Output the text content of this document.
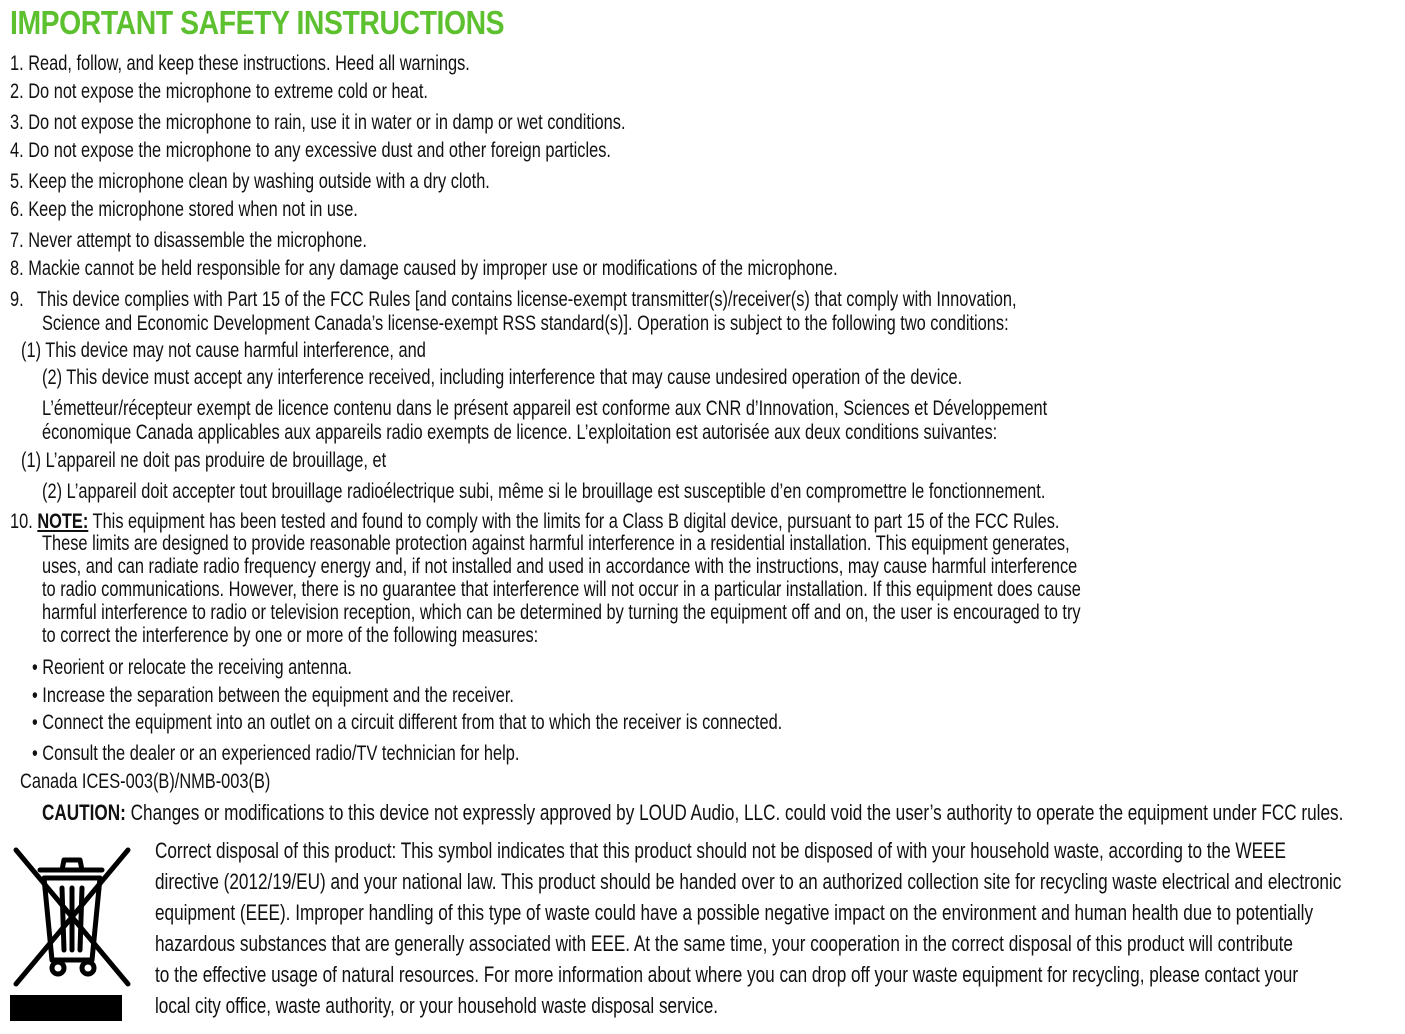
IMPORTANT SAFETY INSTRUCTIONS
1. Read, follow, and keep these instructions. Heed all warnings.
2. Do not expose the microphone to extreme cold or heat.
3. Do not expose the microphone to rain, use it in water or in damp or wet conditions.
4. Do not expose the microphone to any excessive dust and other foreign particles.
5. Keep the microphone clean by washing outside with a dry cloth.
6. Keep the microphone stored when not in use.
7. Never attempt to disassemble the microphone.
8. Mackie cannot be held responsible for any damage caused by improper use or modifications of the microphone.
9. This device complies with Part 15 of the FCC Rules [and contains license-exempt transmitter(s)/receiver(s) that comply with Innovation,
Science and Economic Development Canada’s license-exempt RSS standard(s)]. Operation is subject to the following two conditions:
(1) This device may not cause harmful interference, and
(2) This device must accept any interference received, including interference that may cause undesired operation of the device.
L’émetteur/récepteur exempt de licence contenu dans le présent appareil est conforme aux CNR d’Innovation, Sciences et Développement
économique Canada applicables aux appareils radio exempts de licence. L’exploitation est autorisée aux deux conditions suivantes:
(1) L’appareil ne doit pas produire de brouillage, et
(2) L’appareil doit accepter tout brouillage radioélectrique subi, même si le brouillage est susceptible d’en compromettre le fonctionnement.
10. NOTE: This equipment has been tested and found to comply with the limits for a Class B digital device, pursuant to part 15 of the FCC Rules.
These limits are designed to provide reasonable protection against harmful interference in a residential installation. This equipment generates,
uses, and can radiate radio frequency energy and, if not installed and used in accordance with the instructions, may cause harmful interference
to radio communications. However, there is no guarantee that interference will not occur in a particular installation. If this equipment does cause
harmful interference to radio or television reception, which can be determined by turning the equipment off and on, the user is encouraged to try
to correct the interference by one or more of the following measures:
• Reorient or relocate the receiving antenna.
• Increase the separation between the equipment and the receiver.
• Connect the equipment into an outlet on a circuit different from that to which the receiver is connected.
• Consult the dealer or an experienced radio/TV technician for help.
Canada ICES-003(B)/NMB-003(B)
CAUTION: Changes or modifications to this device not expressly approved by LOUD Audio, LLC. could void the user’s authority to operate the equipment under FCC rules.
Correct disposal of this product: This symbol indicates that this product should not be disposed of with your household waste, according to the WEEE
directive (2012/19/EU) and your national law. This product should be handed over to an authorized collection site for recycling waste electrical and electronic
equipment (EEE). Improper handling of this type of waste could have a possible negative impact on the environment and human health due to potentially
hazardous substances that are generally associated with EEE. At the same time, your cooperation in the correct disposal of this product will contribute
to the effective usage of natural resources. For more information about where you can drop off your waste equipment for recycling, please contact your
local city office, waste authority, or your household waste disposal service.
